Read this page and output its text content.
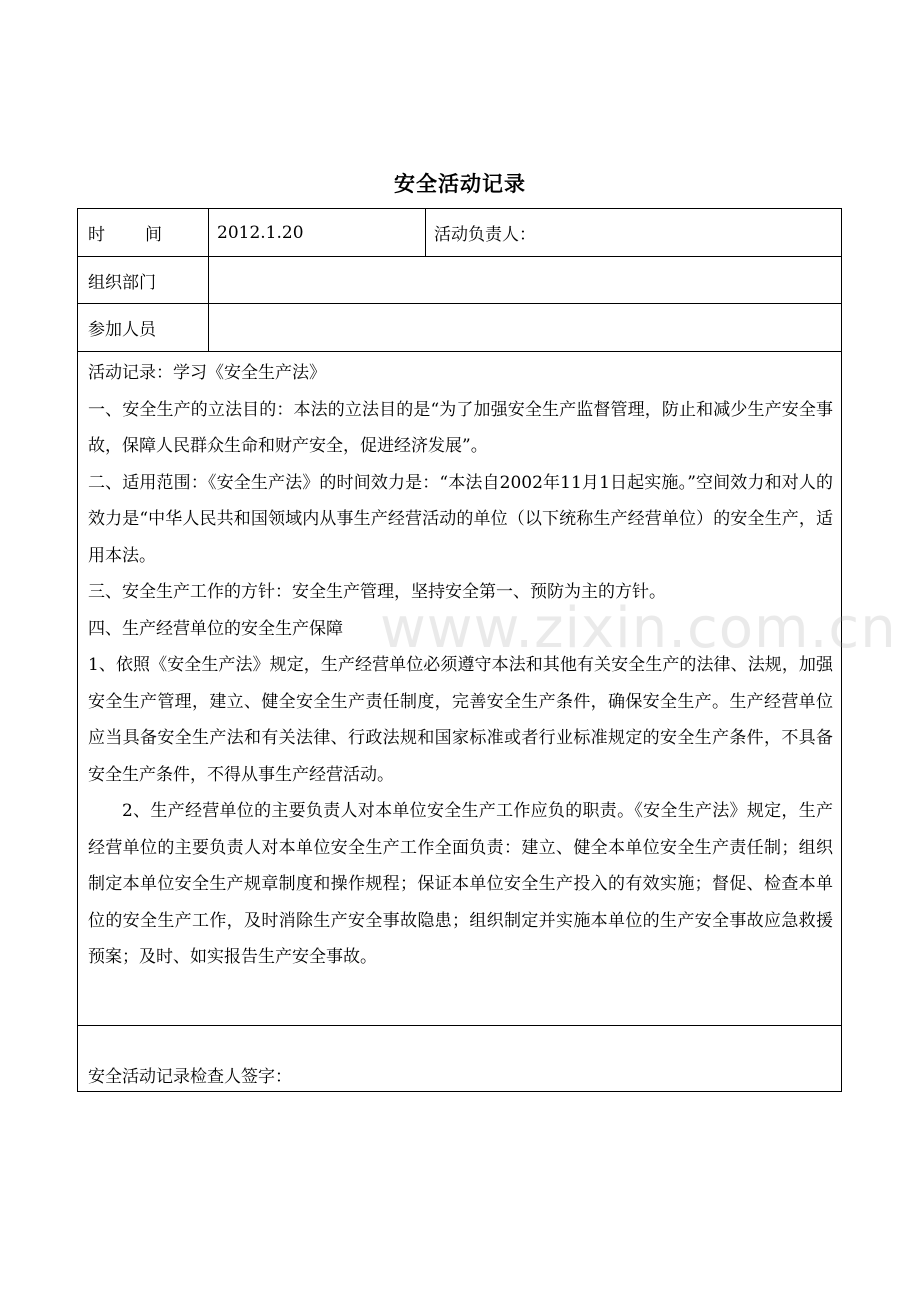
安全活动记录
时 间	2012.1.20	活动负责人：
组织部门
参加人员

活动记录：学习《安全生产法》

一、安全生产的立法目的：本法的立法目的是“为了加强安全生产监督管理，防止和减少生产安全事故，保障人民群众生命和财产安全，促进经济发展”。

二、适用范围：《安全生产法》的时间效力是：“本法自2002年11月1日起实施。”空间效力和对人的效力是“中华人民共和国领域内从事生产经营活动的单位（以下统称生产经营单位）的安全生产，适用本法。

三、安全生产工作的方针：安全生产管理，坚持安全第一、预防为主的方针。

四、生产经营单位的安全生产保障

1、依照《安全生产法》规定，生产经营单位必须遵守本法和其他有关安全生产的法律、法规，加强安全生产管理，建立、健全安全生产责任制度，完善安全生产条件，确保安全生产。生产经营单位应当具备安全生产法和有关法律、行政法规和国家标准或者行业标准规定的安全生产条件，不具备安全生产条件，不得从事生产经营活动。

2、生产经营单位的主要负责人对本单位安全生产工作应负的职责。《安全生产法》规定，生产经营单位的主要负责人对本单位安全生产工作全面负责：建立、健全本单位安全生产责任制；组织制定本单位安全生产规章制度和操作规程；保证本单位安全生产投入的有效实施；督促、检查本单位的安全生产工作，及时消除生产安全事故隐患；组织制定并实施本单位的生产安全事故应急救援预案；及时、如实报告生产安全事故。

安全活动记录检查人签字：
www.zixin.com.cn
